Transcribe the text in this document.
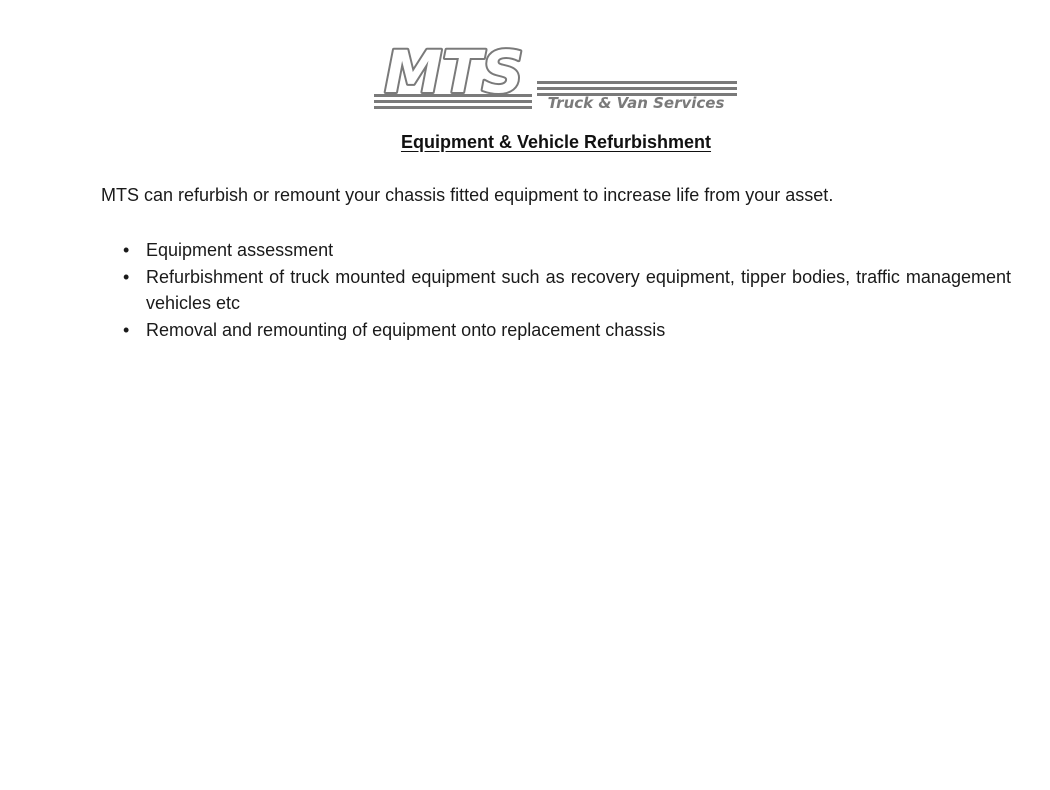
MTS Truck & Van Services
Equipment & Vehicle Refurbishment

MTS can refurbish or remount your chassis fitted equipment to increase life from your asset.

• Equipment assessment
• Refurbishment of truck mounted equipment such as recovery equipment, tipper bodies, traffic management vehicles etc
• Removal and remounting of equipment onto replacement chassis
